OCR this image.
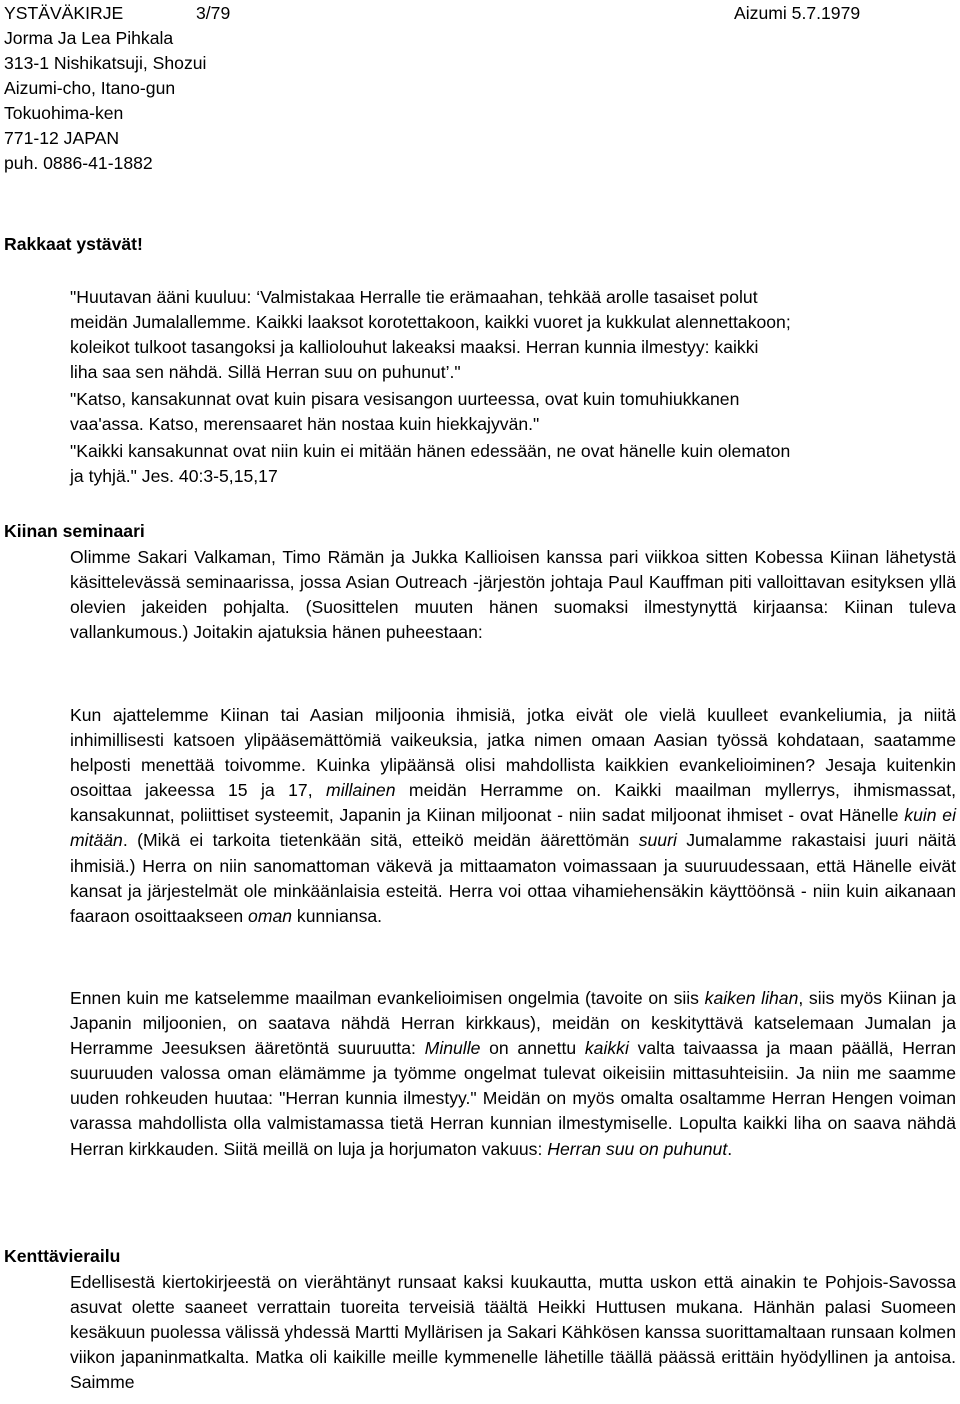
YSTÄVÄKIRJE	3/79	Aizumi 5.7.1979
Jorma Ja Lea Pihkala
313-1 Nishikatsuji, Shozui
Aizumi-cho, Itano-gun
Tokuohima-ken
771-12 JAPAN
puh. 0886-41-1882
Rakkaat ystävät!
"Huutavan ääni kuuluu: ‘Valmistakaa Herralle tie erämaahan, tehkää arolle tasaiset polut
meidän Jumalallemme. Kaikki laaksot korotettakoon, kaikki vuoret ja kukkulat alennettakoon;
koleikot tulkoot tasangoksi ja kalliolouhut lakeaksi maaksi. Herran kunnia ilmestyy: kaikki
liha saa sen nähdä. Sillä Herran suu on puhunut’."
"Katso, kansakunnat ovat kuin pisara vesisangon uurteessa, ovat kuin tomuhiukkanen
vaa'assa. Katso, merensaaret hän nostaa kuin hiekkajyvän."
"Kaikki kansakunnat ovat niin kuin ei mitään hänen edessään, ne ovat hänelle kuin olematon
ja tyhjä." Jes. 40:3-5,15,17
Kiinan seminaari

Olimme Sakari Valkaman, Timo Rämän ja Jukka Kallioisen kanssa pari viikkoa sitten Kobessa Kiinan lähetystä käsittelevässä seminaarissa, jossa Asian Outreach -järjestön johtaja Paul Kauffman piti valloittavan esityksen yllä olevien jakeiden pohjalta. (Suosittelen muuten hänen suomaksi ilmestynyttä kirjaansa: Kiinan tuleva vallankumous.) Joitakin ajatuksia hänen puheestaan:

Kun ajattelemme Kiinan tai Aasian miljoonia ihmisiä, jotka eivät ole vielä kuulleet evankeliumia, ja niitä inhimillisesti katsoen ylipääsemättömiä vaikeuksia, jatka nimen omaan Aasian työssä kohdataan, saatamme helposti menettää toivomme. Kuinka ylipäänsä olisi mahdollista kaikkien evankelioiminen? Jesaja kuitenkin osoittaa jakeessa 15 ja 17, millainen meidän Herramme on. Kaikki maailman myllerrys, ihmismassat, kansakunnat, poliittiset systeemit, Japanin ja Kiinan miljoonat - niin sadat miljoonat ihmiset - ovat Hänelle kuin ei mitään. (Mikä ei tarkoita tietenkään sitä, etteikö meidän äärettömän suuri Jumalamme rakastaisi juuri näitä ihmisiä.) Herra on niin sanomattoman väkevä ja mittaamaton voimassaan ja suuruudessaan, että Hänelle eivät kansat ja järjestelmät ole minkäänlaisia esteitä. Herra voi ottaa vihamiehensäkin käyttöönsä - niin kuin aikanaan faaraon osoittaakseen oman kunniansa.

Ennen kuin me katselemme maailman evankelioimisen ongelmia (tavoite on siis kaiken lihan, siis myös Kiinan ja Japanin miljoonien, on saatava nähdä Herran kirkkaus), meidän on keskityttävä katselemaan Jumalan ja Herramme Jeesuksen ääretöntä suuruutta: Minulle on annettu kaikki valta taivaassa ja maan päällä, Herran suuruuden valossa oman elämämme ja työmme ongelmat tulevat oikeisiin mittasuhteisiin. Ja niin me saamme uuden rohkeuden huutaa: "Herran kunnia ilmestyy." Meidän on myös omalta osaltamme Herran Hengen voiman varassa mahdollista olla valmistamassa tietä Herran kunnian ilmestymiselle. Lopulta kaikki liha on saava nähdä Herran kirkkauden. Siitä meillä on luja ja horjumaton vakuus: Herran suu on puhunut.

Kenttävierailu

Edellisestä kiertokirjeestä on vierähtänyt runsaat kaksi kuukautta, mutta uskon että ainakin te Pohjois-Savossa asuvat olette saaneet verrattain tuoreita terveisiä täältä Heikki Huttusen mukana. Hänhän palasi Suomeen kesäkuun puolessa välissä yhdessä Martti Myllärisen ja Sakari Kähkösen kanssa suorittamaltaan runsaan kolmen viikon japaninmatkalta. Matka oli kaikille meille kymmenelle lähetille täällä päässä erittäin hyödyllinen ja antoisa. Saimme
